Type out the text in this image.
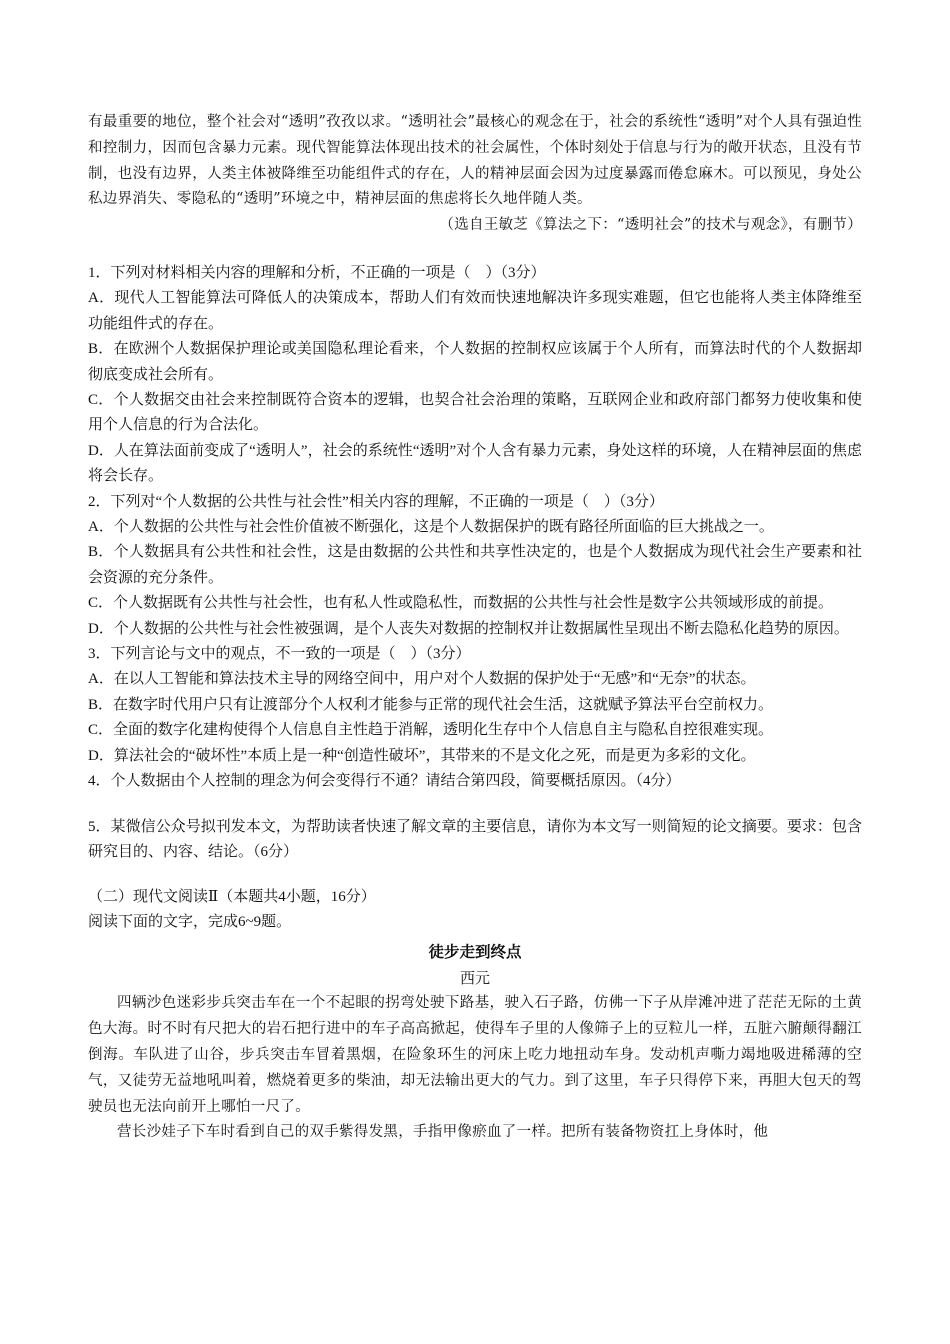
有最重要的地位，整个社会对“透明”孜孜以求。“透明社会”最核心的观念在于，社会的系统性“透明”对个人具有强迫性和控制力，因而包含暴力元素。现代智能算法体现出技术的社会属性，个体时刻处于信息与行为的敞开状态，且没有节制，也没有边界，人类主体被降维至功能组件式的存在，人的精神层面会因为过度暴露而倦怠麻木。可以预见，身处公私边界消失、零隐私的“透明”环境之中，精神层面的焦虑将长久地伴随人类。

（选自王敏芝《算法之下：“透明社会”的技术与观念》，有删节）

1．下列对材料相关内容的理解和分析，不正确的一项是（　）（3分）

A．现代人工智能算法可降低人的决策成本，帮助人们有效而快速地解决许多现实难题，但它也能将人类主体降维至功能组件式的存在。

B．在欧洲个人数据保护理论或美国隐私理论看来，个人数据的控制权应该属于个人所有，而算法时代的个人数据却彻底变成社会所有。

C．个人数据交由社会来控制既符合资本的逻辑，也契合社会治理的策略，互联网企业和政府部门都努力使收集和使用个人信息的行为合法化。

D．人在算法面前变成了“透明人”，社会的系统性“透明”对个人含有暴力元素，身处这样的环境，人在精神层面的焦虑将会长存。

2．下列对“个人数据的公共性与社会性”相关内容的理解，不正确的一项是（　）（3分）

A．个人数据的公共性与社会性价值被不断强化，这是个人数据保护的既有路径所面临的巨大挑战之一。

B．个人数据具有公共性和社会性，这是由数据的公共性和共享性决定的，也是个人数据成为现代社会生产要素和社会资源的充分条件。

C．个人数据既有公共性与社会性，也有私人性或隐私性，而数据的公共性与社会性是数字公共领域形成的前提。

D．个人数据的公共性与社会性被强调，是个人丧失对数据的控制权并让数据属性呈现出不断去隐私化趋势的原因。

3．下列言论与文中的观点，不一致的一项是（　）（3分）

A．在以人工智能和算法技术主导的网络空间中，用户对个人数据的保护处于“无感”和“无奈”的状态。

B．在数字时代用户只有让渡部分个人权利才能参与正常的现代社会生活，这就赋予算法平台空前权力。

C．全面的数字化建构使得个人信息自主性趋于消解，透明化生存中个人信息自主与隐私自控很难实现。

D．算法社会的“破坏性”本质上是一种“创造性破坏”，其带来的不是文化之死，而是更为多彩的文化。

4．个人数据由个人控制的理念为何会变得行不通？请结合第四段，简要概括原因。（4分）

5．某微信公众号拟刊发本文，为帮助读者快速了解文章的主要信息，请你为本文写一则简短的论文摘要。要求：包含研究目的、内容、结论。（6分）

（二）现代文阅读Ⅱ（本题共4小题，16分）

阅读下面的文字，完成6~9题。

徒步走到终点

西元

四辆沙色迷彩步兵突击车在一个不起眼的拐弯处驶下路基，驶入石子路，仿佛一下子从岸滩冲进了茫茫无际的土黄色大海。时不时有尺把大的岩石把行进中的车子高高掀起，使得车子里的人像筛子上的豆粒儿一样，五脏六腑颠得翻江倒海。车队进了山谷，步兵突击车冒着黑烟，在险象环生的河床上吃力地扭动车身。发动机声嘶力竭地吸进稀薄的空气，又徒劳无益地吼叫着，燃烧着更多的柴油，却无法输出更大的气力。到了这里，车子只得停下来，再胆大包天的驾驶员也无法向前开上哪怕一尺了。

营长沙娃子下车时看到自己的双手紫得发黑，手指甲像瘀血了一样。把所有装备物资扛上身体时，他
